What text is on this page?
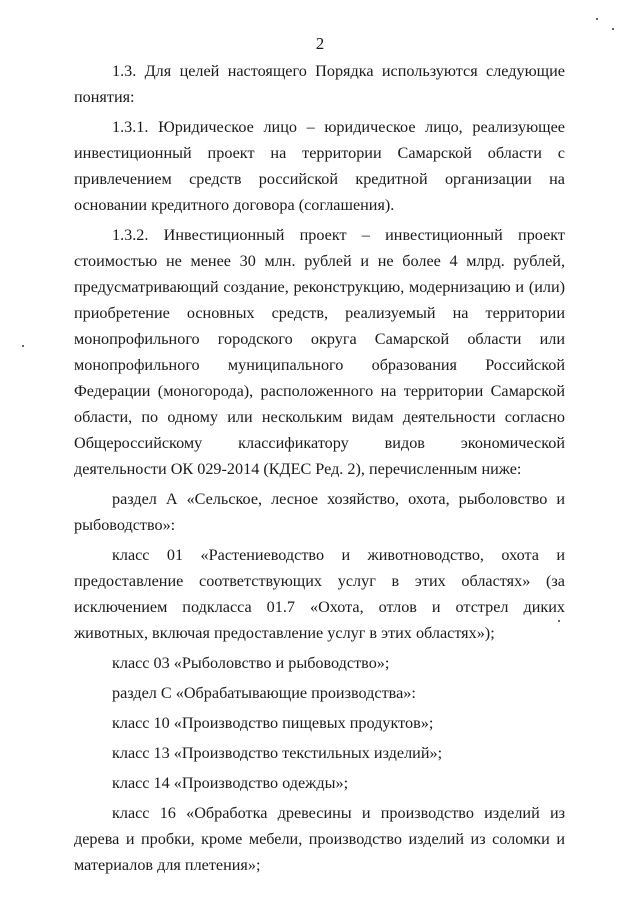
2

1.3. Для целей настоящего Порядка используются следующие понятия:

1.3.1. Юридическое лицо – юридическое лицо, реализующее инвестиционный проект на территории Самарской области с привлечением средств российской кредитной организации на основании кредитного договора (соглашения).

1.3.2. Инвестиционный проект – инвестиционный проект стоимостью не менее 30 млн. рублей и не более 4 млрд. рублей, предусматривающий создание, реконструкцию, модернизацию и (или) приобретение основных средств, реализуемый на территории монопрофильного городского округа Самарской области или монопрофильного муниципального образования Российской Федерации (моногорода), расположенного на территории Самарской области, по одному или нескольким видам деятельности согласно Общероссийскому классификатору видов экономической деятельности ОК 029-2014 (КДЕС Ред. 2), перечисленным ниже:

раздел А «Сельское, лесное хозяйство, охота, рыболовство и рыбоводство»:

класс 01 «Растениеводство и животноводство, охота и предоставление соответствующих услуг в этих областях» (за исключением подкласса 01.7 «Охота, отлов и отстрел диких животных, включая предоставление услуг в этих областях»);

класс 03 «Рыболовство и рыбоводство»;

раздел С «Обрабатывающие производства»:

класс 10 «Производство пищевых продуктов»;

класс 13 «Производство текстильных изделий»;

класс 14 «Производство одежды»;

класс 16 «Обработка древесины и производство изделий из дерева и пробки, кроме мебели, производство изделий из соломки и материалов для плетения»;
